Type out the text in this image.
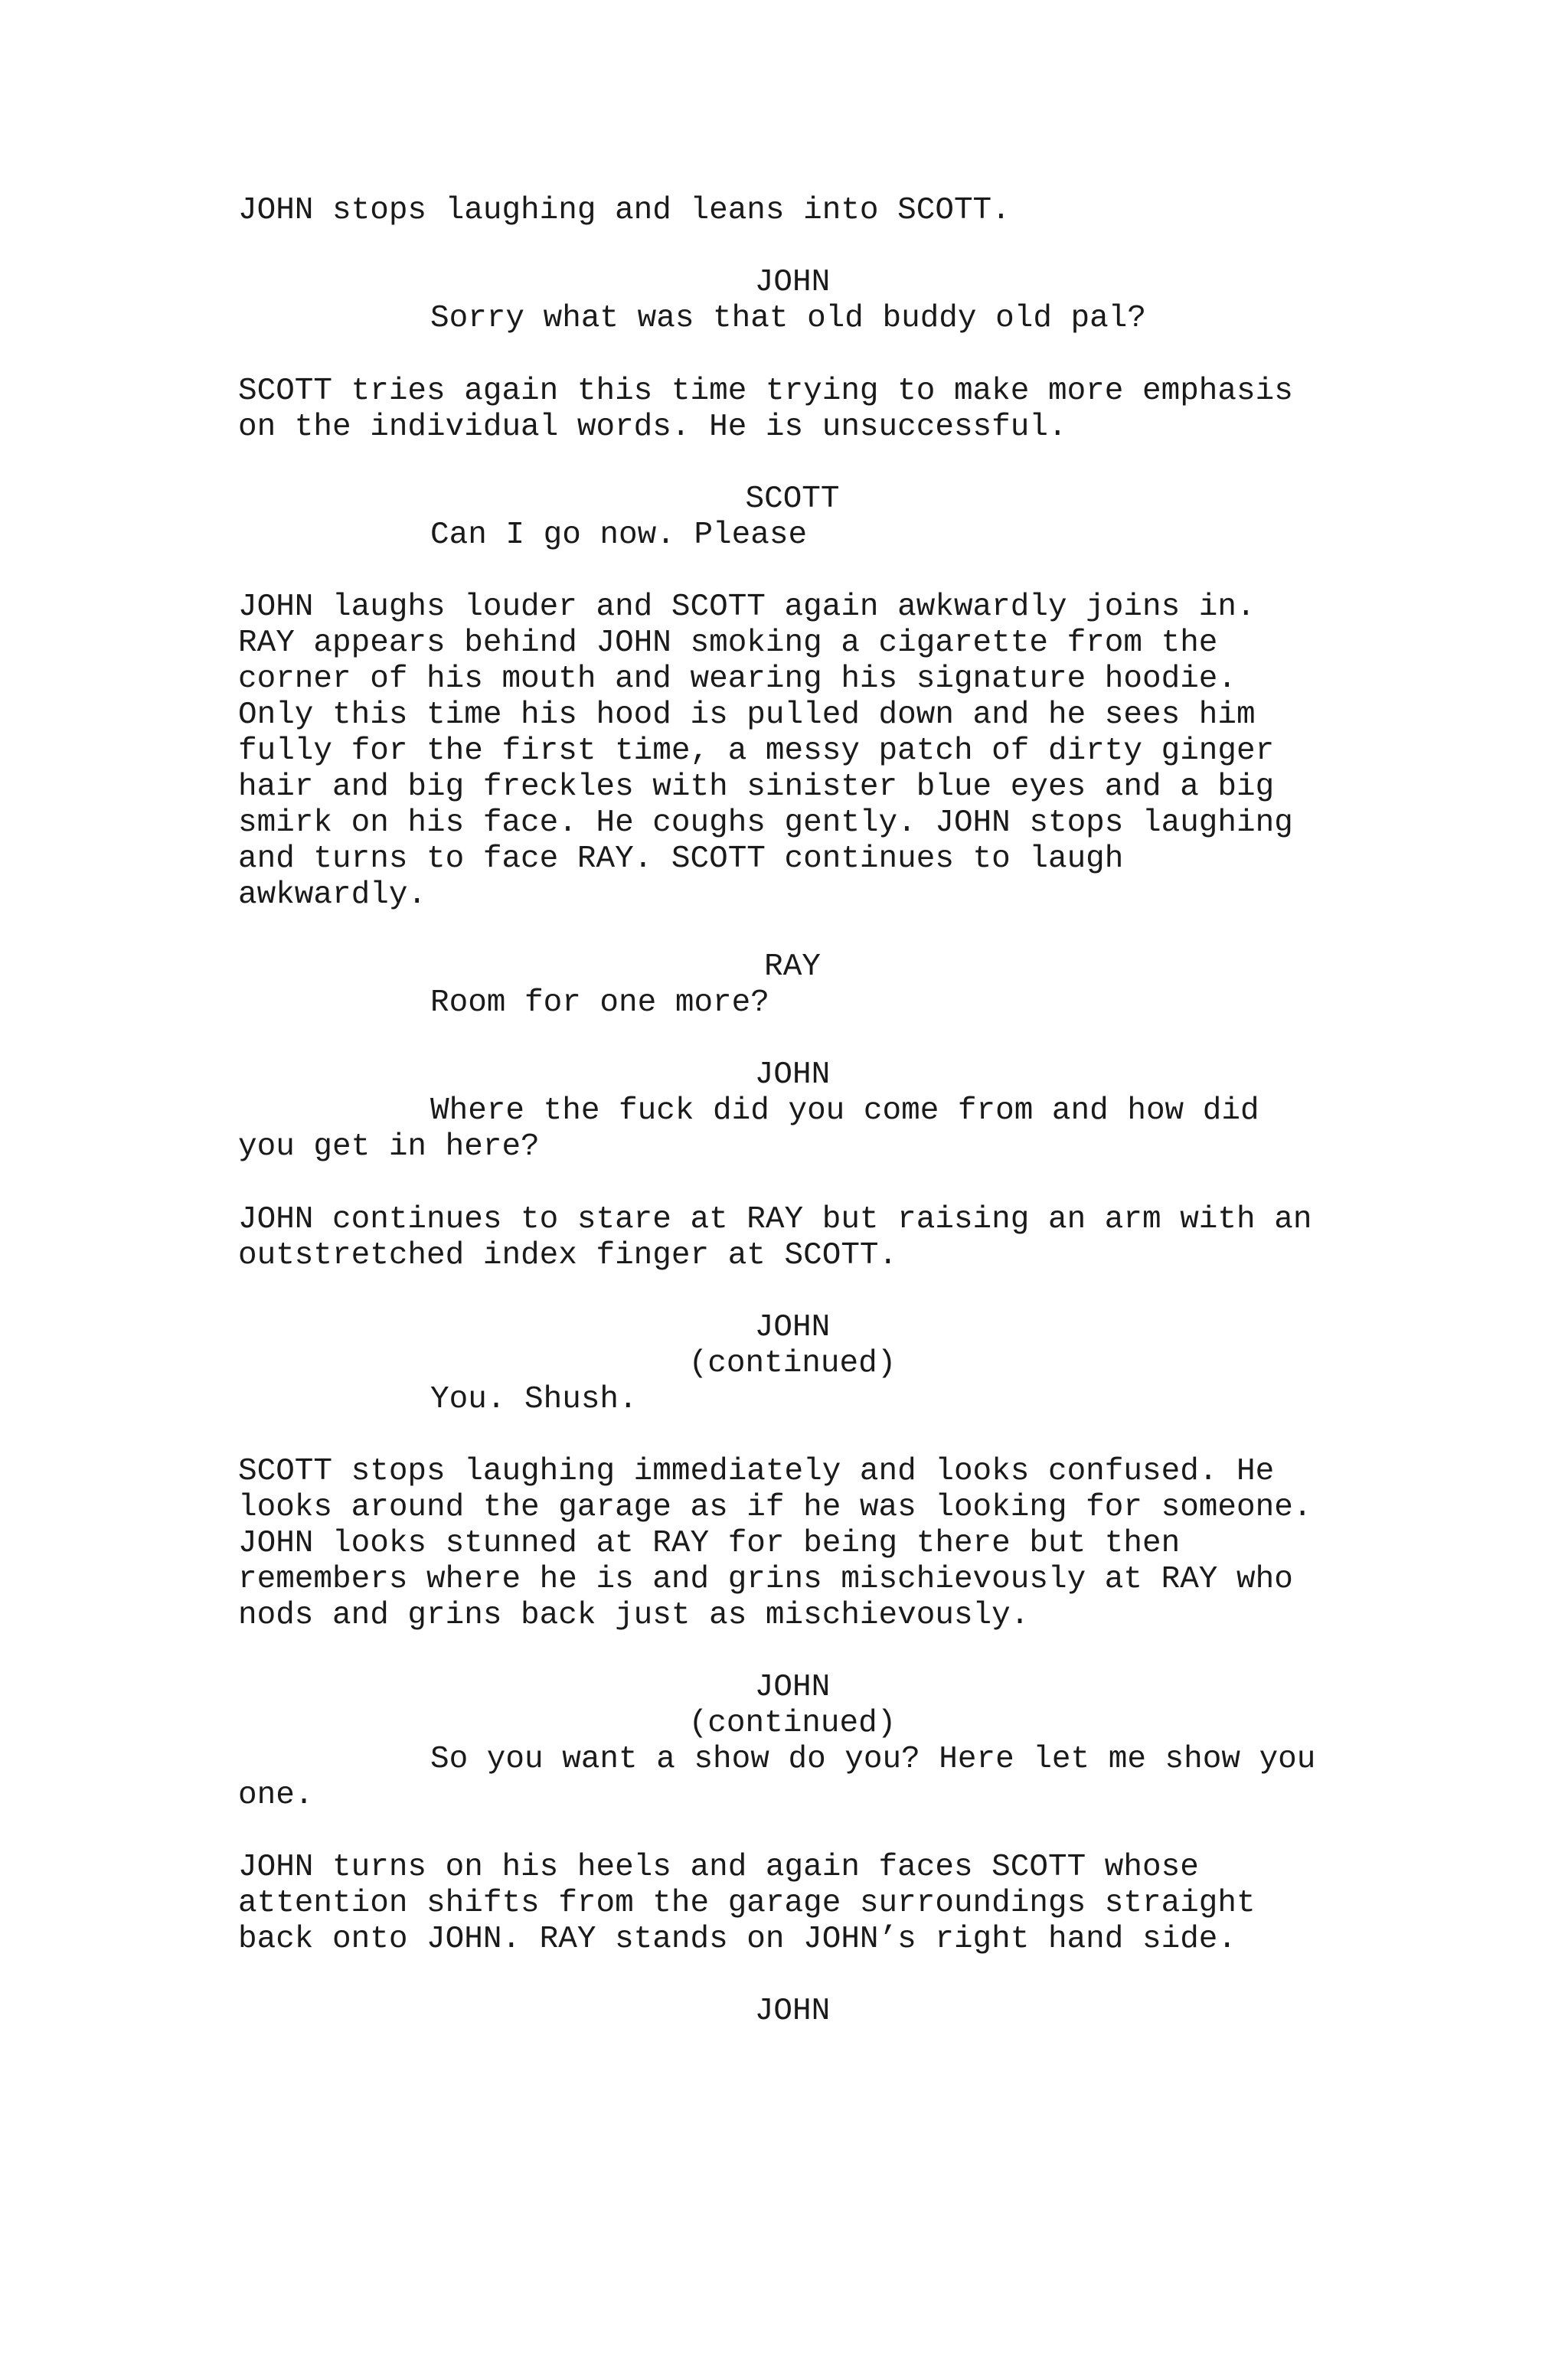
JOHN stops laughing and leans into SCOTT.

JOHN

Sorry what was that old buddy old pal?

SCOTT tries again this time trying to make more emphasis

on the individual words. He is unsuccessful.

SCOTT

Can I go now. Please

JOHN laughs louder and SCOTT again awkwardly joins in.

RAY appears behind JOHN smoking a cigarette from the

corner of his mouth and wearing his signature hoodie.

Only this time his hood is pulled down and he sees him

fully for the first time, a messy patch of dirty ginger

hair and big freckles with sinister blue eyes and a big

smirk on his face. He coughs gently. JOHN stops laughing

and turns to face RAY. SCOTT continues to laugh

awkwardly.

RAY

Room for one more?

JOHN

Where the fuck did you come from and how did

you get in here?

JOHN continues to stare at RAY but raising an arm with an

outstretched index finger at SCOTT.

JOHN

(continued)

You. Shush.

SCOTT stops laughing immediately and looks confused. He

looks around the garage as if he was looking for someone.

JOHN looks stunned at RAY for being there but then

remembers where he is and grins mischievously at RAY who

nods and grins back just as mischievously.

JOHN

(continued)

So you want a show do you? Here let me show you

one.

JOHN turns on his heels and again faces SCOTT whose

attention shifts from the garage surroundings straight

back onto JOHN. RAY stands on JOHN’s right hand side.

JOHN
